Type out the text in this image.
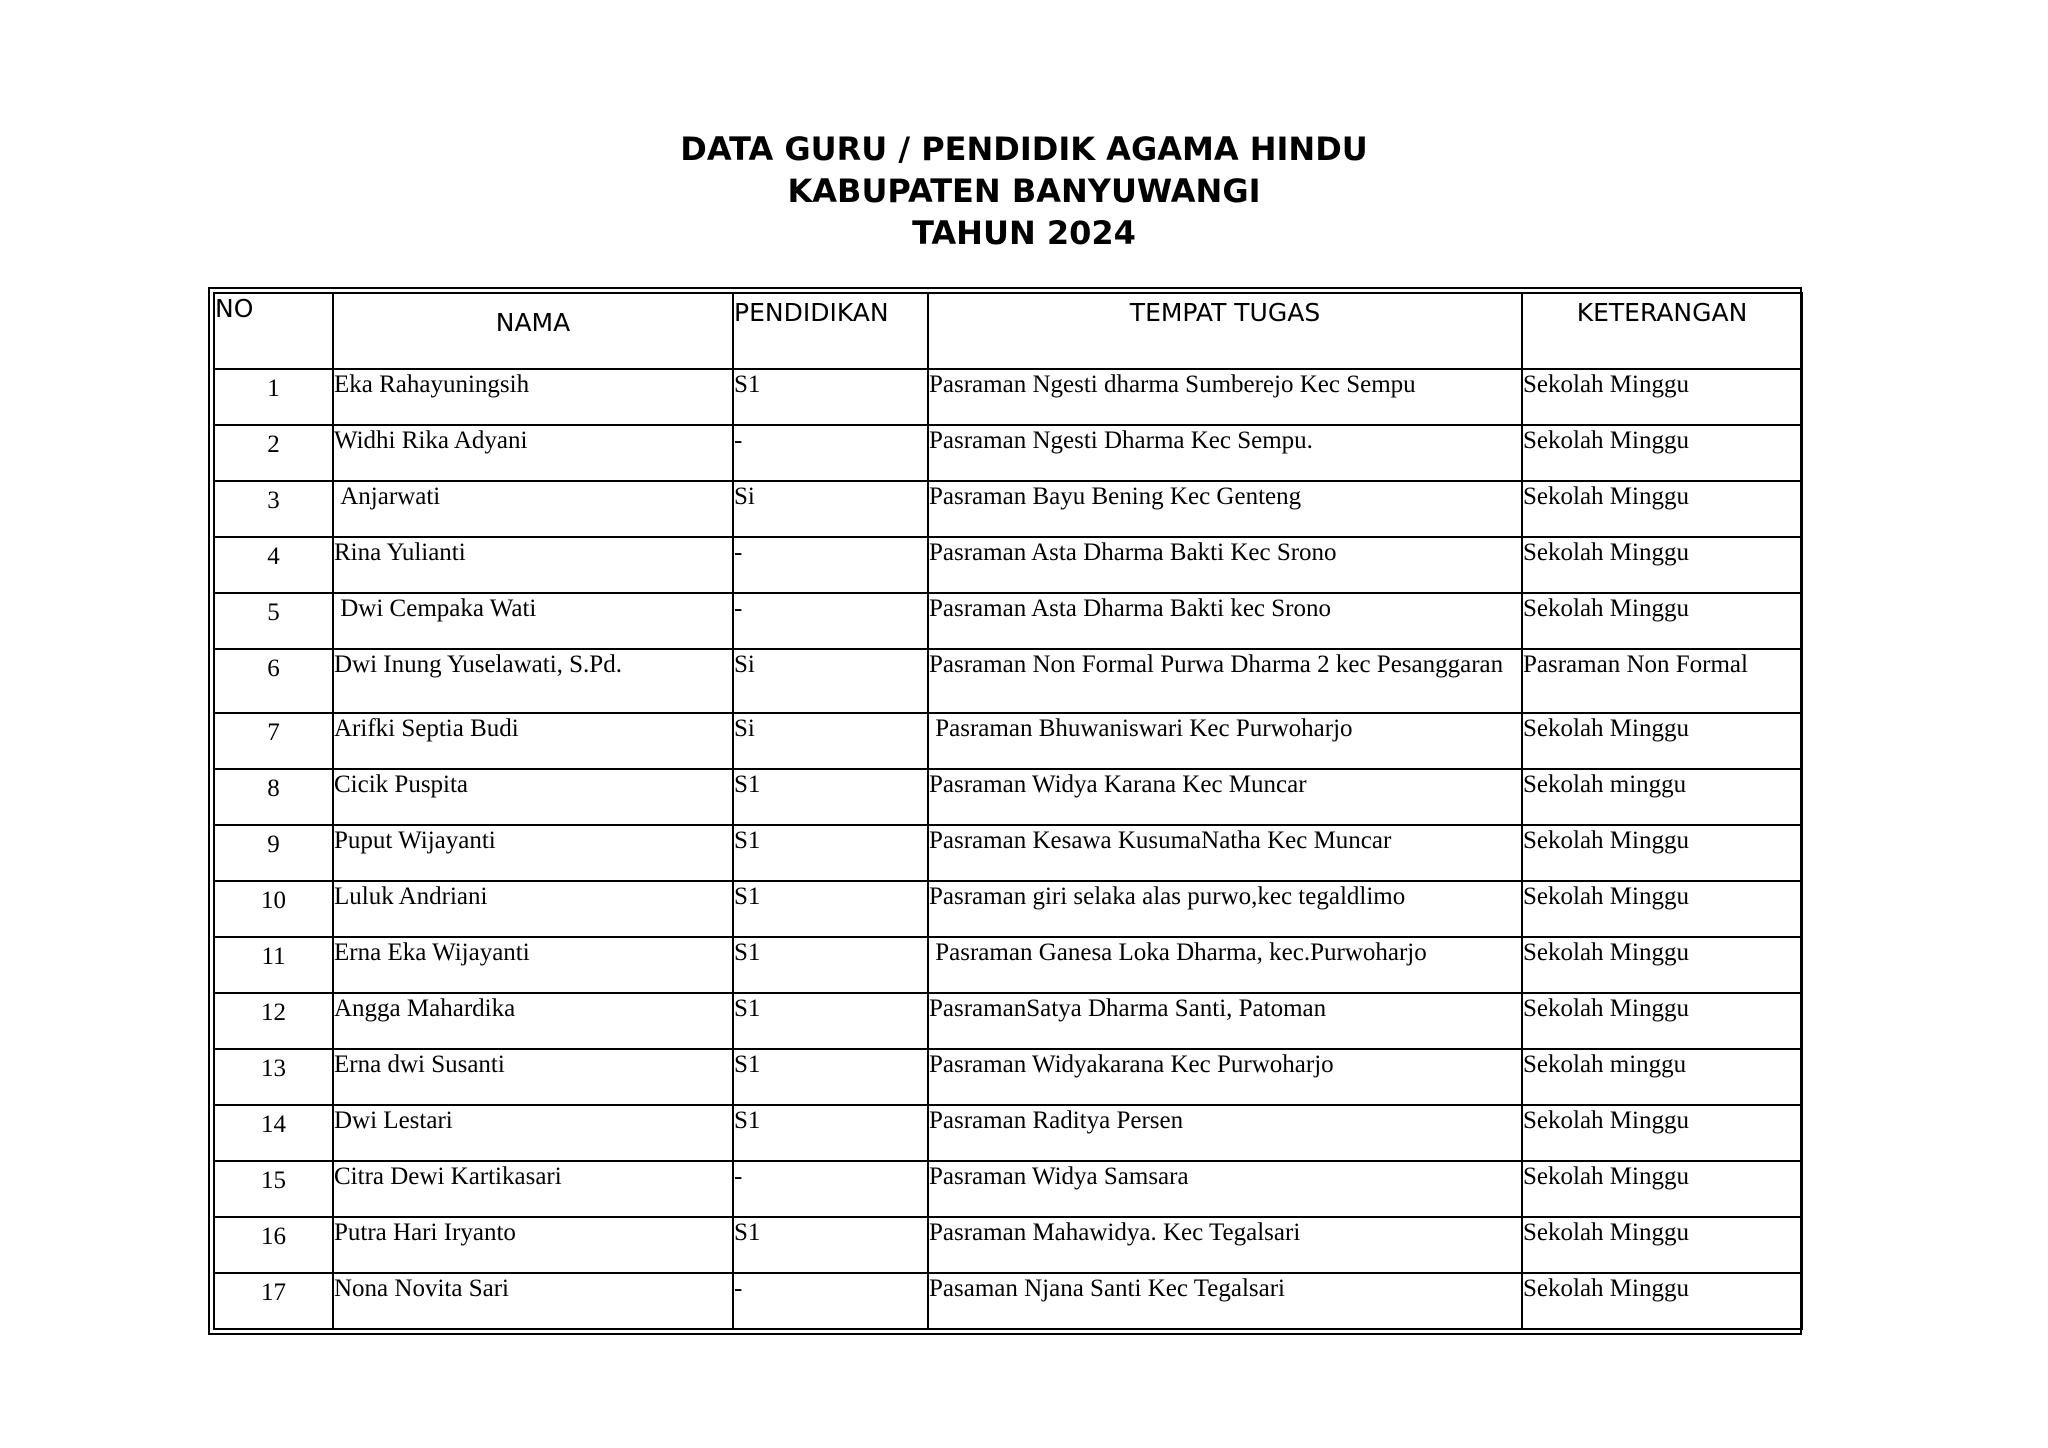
DATA GURU / PENDIDIK AGAMA HINDU
KABUPATEN BANYUWANGI
TAHUN 2024
NO	NAMA	PENDIDIKAN	TEMPAT TUGAS	KETERANGAN
1	Eka Rahayuningsih	S1	Pasraman Ngesti dharma Sumberejo Kec Sempu	Sekolah Minggu
2	Widhi Rika Adyani	-	Pasraman Ngesti Dharma Kec Sempu.	Sekolah Minggu
3	Anjarwati	Si	Pasraman Bayu Bening Kec Genteng	Sekolah Minggu
4	Rina Yulianti	-	Pasraman Asta Dharma Bakti Kec Srono	Sekolah Minggu
5	Dwi Cempaka Wati	-	Pasraman Asta Dharma Bakti kec Srono	Sekolah Minggu
6	Dwi Inung Yuselawati, S.Pd.	Si	Pasraman Non Formal Purwa Dharma 2 kec Pesanggaran	Pasraman Non Formal
7	Arifki Septia Budi	Si	Pasraman Bhuwaniswari Kec Purwoharjo	Sekolah Minggu
8	Cicik Puspita	S1	Pasraman Widya Karana Kec Muncar	Sekolah minggu
9	Puput Wijayanti	S1	Pasraman Kesawa KusumaNatha Kec Muncar	Sekolah Minggu
10	Luluk Andriani	S1	Pasraman giri selaka alas purwo,kec tegaldlimo	Sekolah Minggu
11	Erna Eka Wijayanti	S1	Pasraman Ganesa Loka Dharma, kec.Purwoharjo	Sekolah Minggu
12	Angga Mahardika	S1	PasramanSatya Dharma Santi, Patoman	Sekolah Minggu
13	Erna dwi Susanti	S1	Pasraman Widyakarana Kec Purwoharjo	Sekolah minggu
14	Dwi Lestari	S1	Pasraman Raditya Persen	Sekolah Minggu
15	Citra Dewi Kartikasari	-	Pasraman Widya Samsara	Sekolah Minggu
16	Putra Hari Iryanto	S1	Pasraman Mahawidya. Kec Tegalsari	Sekolah Minggu
17	Nona Novita Sari	-	Pasaman Njana Santi Kec Tegalsari	Sekolah Minggu
